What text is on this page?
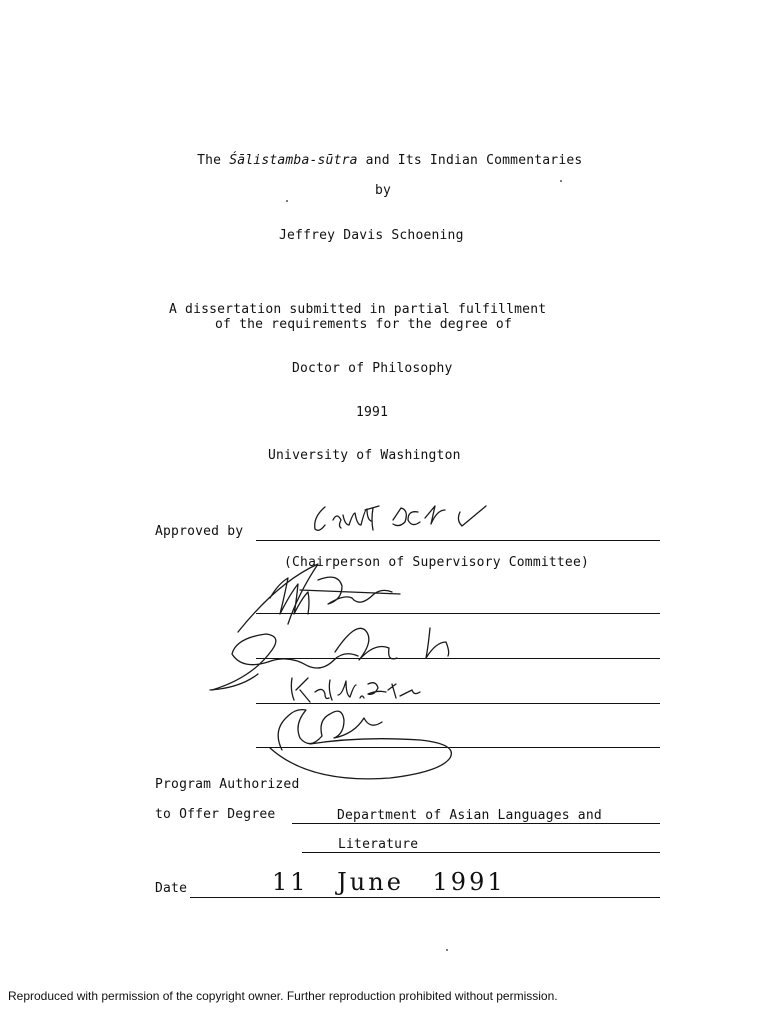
The Śālistamba-sūtra and Its Indian Commentaries

by
Jeffrey Davis Schoening
A dissertation submitted in partial fulfillment
of the requirements for the degree of
Doctor of Philosophy
1991
University of Washington
Approved by
(Chairperson of Supervisory Committee)
Program Authorized
to Offer Degree	Department of Asian Languages and
Literature
Date	11 June 1991
Reproduced with permission of the copyright owner. Further reproduction prohibited without permission.
